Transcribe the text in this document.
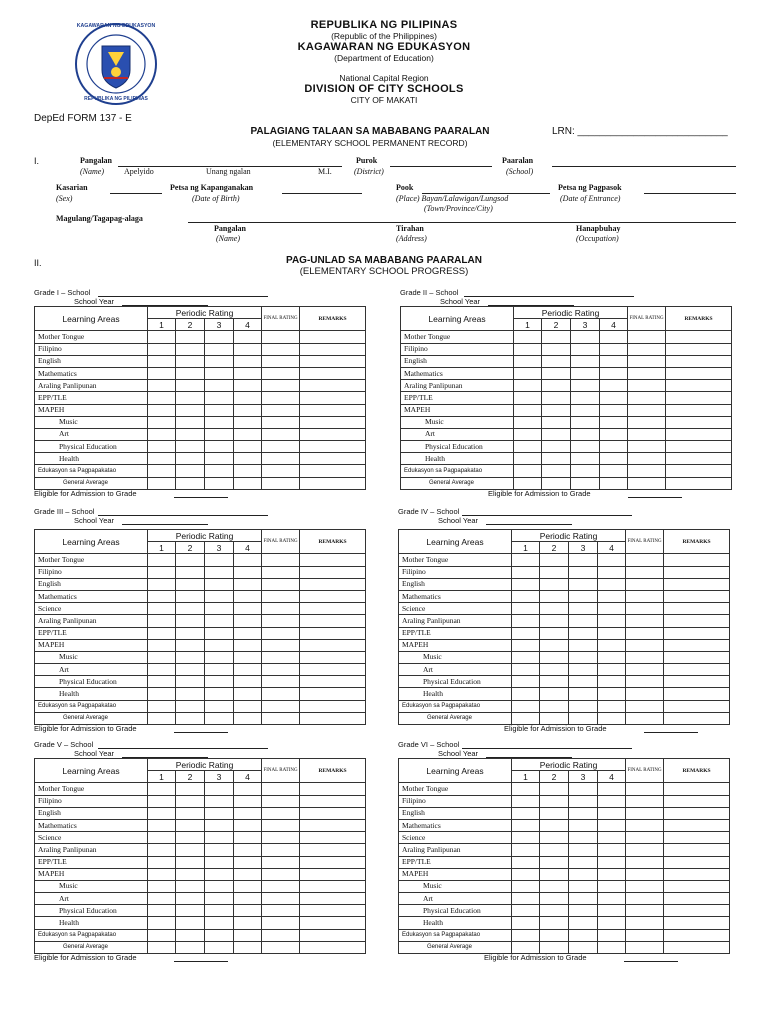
KAGAWARAN NG EDUKASYON
REPUBLIKA NG PILIPINAS
REPUBLIKA NG PILIPINAS
(Republic of the Philippines)
KAGAWARAN NG EDUKASYON
(Department of Education)
National Capital Region
DIVISION OF CITY SCHOOLS
CITY OF MAKATI
DepEd FORM 137 - E
PALAGIANG TALAAN SA MABABANG PAARALAN
(ELEMENTARY SCHOOL PERMANENT RECORD)
LRN: ___________________________
I.	Pangalan
(Name)	Apelyido	Unang ngalan	M.I.
Purok
(District)
Paaralan
(School)
Kasarian
(Sex)
Petsa ng Kapanganakan
(Date of Birth)
Pook
(Place) Bayan/Lalawigan/Lungsod
(Town/Province/City)
Petsa ng Pagpasok
(Date of Entrance)
Magulang/Tagapag-alaga
Pangalan
(Name)
Tirahan
(Address)
Hanapbuhay
(Occupation)
II.	PAG-UNLAD SA MABABANG PAARALAN
(ELEMENTARY SCHOOL PROGRESS)
Grade I – School
School Year
Learning Areas	Periodic Rating				FINAL RATING	REMARKS
	1	2	3	4		
Mother Tongue						
Filipino						
English						
Mathematics						
Araling Panlipunan						
EPP/TLE						
MAPEH						
Music						
Art						
Physical Education						
Health						
Edukasyon sa Pagpapakatao						
General Average						
Eligible for Admission to Grade
Grade II – School
School Year
Learning Areas	Periodic Rating				FINAL RATING	REMARKS
	1	2	3	4		
Mother Tongue						
Filipino						
English						
Mathematics						
Araling Panlipunan						
EPP/TLE						
MAPEH						
Music						
Art						
Physical Education						
Health						
Edukasyon sa Pagpapakatao						
General Average						
Eligible for Admission to Grade
Grade III – School
School Year
Learning Areas	Periodic Rating				FINAL RATING	REMARKS
	1	2	3	4		
Mother Tongue						
Filipino						
English						
Mathematics						
Science						
Araling Panlipunan						
EPP/TLE						
MAPEH						
Music						
Art						
Physical Education						
Health						
Edukasyon sa Pagpapakatao						
General Average						
Eligible for Admission to Grade
Grade IV – School
School Year
Learning Areas	Periodic Rating				FINAL RATING	REMARKS
	1	2	3	4		
Mother Tongue						
Filipino						
English						
Mathematics						
Science						
Araling Panlipunan						
EPP/TLE						
MAPEH						
Music						
Art						
Physical Education						
Health						
Edukasyon sa Pagpapakatao						
General Average						
Eligible for Admission to Grade
Grade V – School
School Year
Learning Areas	Periodic Rating				FINAL RATING	REMARKS
	1	2	3	4		
Mother Tongue						
Filipino						
English						
Mathematics						
Science						
Araling Panlipunan						
EPP/TLE						
MAPEH						
Music						
Art						
Physical Education						
Health						
Edukasyon sa Pagpapakatao						
General Average						
Eligible for Admission to Grade
Grade VI – School
School Year
Learning Areas	Periodic Rating				FINAL RATING	REMARKS
	1	2	3	4		
Mother Tongue						
Filipino						
English						
Mathematics						
Science						
Araling Panlipunan						
EPP/TLE						
MAPEH						
Music						
Art						
Physical Education						
Health						
Edukasyon sa Pagpapakatao						
General Average						
Eligible for Admission to Grade
